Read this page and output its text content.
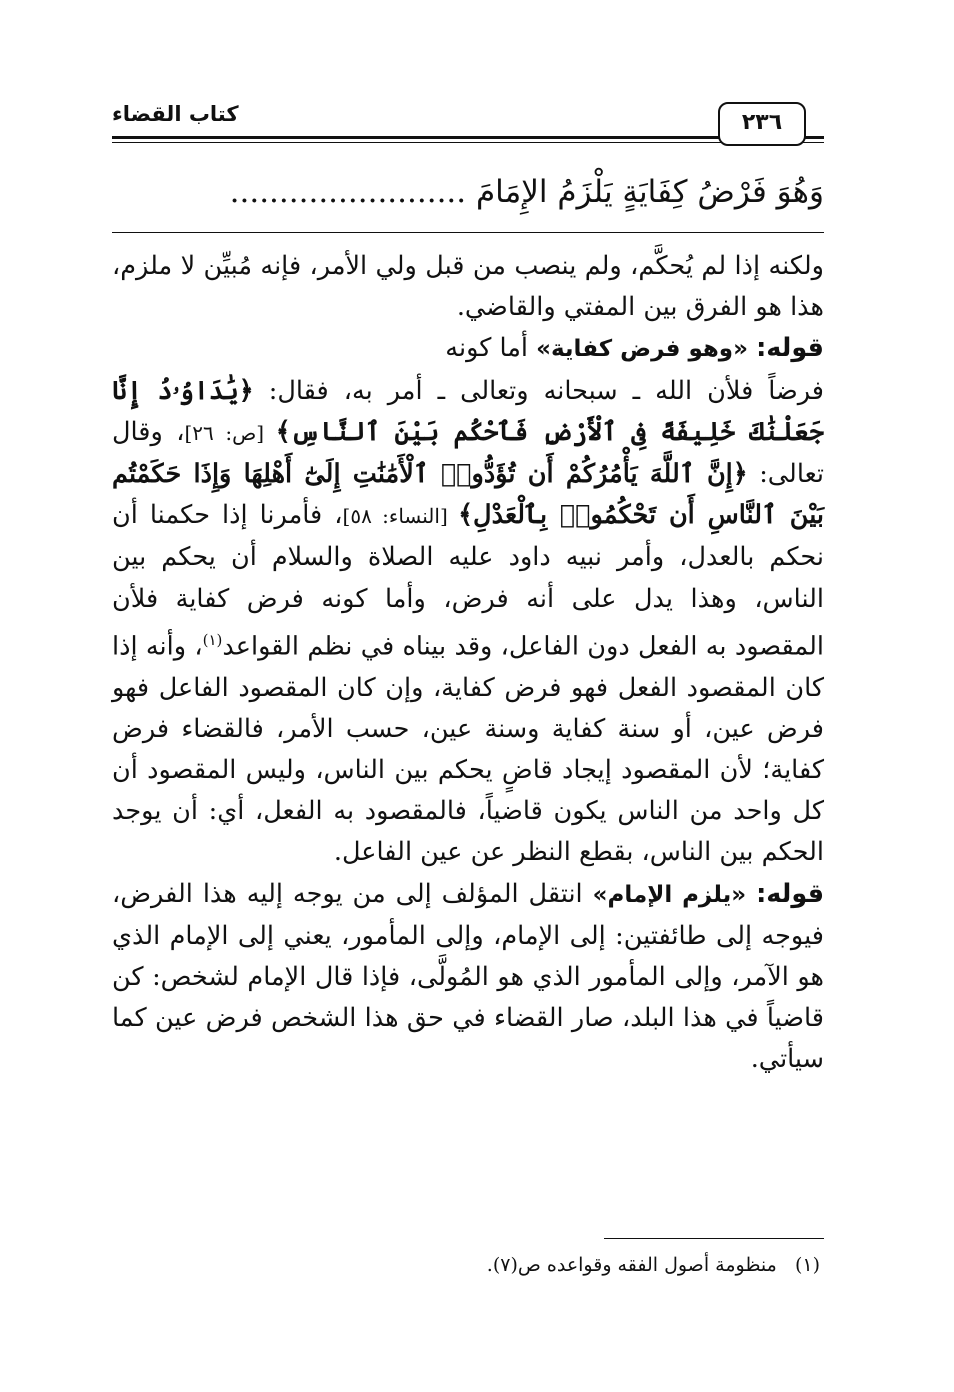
كتاب القضاء	٢٣٦
وَهُوَ فَرْضُ كِفَايَةٍ يَلْزَمُ الإِمَامَ ........................

ولكنه إذا لم يُحكَّم، ولم ينصب من قبل ولي الأمر، فإنه مُبيِّن لا ملزم، هذا هو الفرق بين المفتي والقاضي.

قوله: «وهو فرض كفاية» أما كونه

فرضاً فلأن الله ـ سبحانه وتعالى ـ أمر به، فقال: ﴿يَٰدَاوُۥدُ إِنَّا جَعَلْنَٰكَ خَلِيفَةً فِى ٱلْأَرْضِ فَٱحْكُم بَيْنَ ٱلنَّاسِ﴾ [ص: ٢٦]، وقال تعالى: ﴿إِنَّ ٱللَّهَ يَأْمُرُكُمْ أَن تُؤَدُّوا۟ ٱلْأَمَٰنَٰتِ إِلَىٰٓ أَهْلِهَا وَإِذَا حَكَمْتُم بَيْنَ ٱلنَّاسِ أَن تَحْكُمُوا۟ بِٱلْعَدْلِ﴾ [النساء: ٥٨]، فأمرنا إذا حكمنا أن نحكم بالعدل، وأمر نبيه داود عليه الصلاة والسلام أن يحكم بين الناس، وهذا يدل على أنه فرض، وأما كونه فرض كفاية فلأن المقصود به الفعل دون الفاعل، وقد بيناه في نظم القواعد$^{(١)}$، وأنه إذا كان المقصود الفعل فهو فرض كفاية، وإن كان المقصود الفاعل فهو فرض عين، أو سنة كفاية وسنة عين، حسب الأمر، فالقضاء فرض كفاية؛ لأن المقصود إيجاد قاضٍ يحكم بين الناس، وليس المقصود أن كل واحد من الناس يكون قاضياً، فالمقصود به الفعل، أي: أن يوجد الحكم بين الناس، بقطع النظر عن عين الفاعل.

قوله: «يلزم الإمام» انتقل المؤلف إلى من يوجه إليه هذا الفرض، فيوجه إلى طائفتين: إلى الإمام، وإلى المأمور، يعني إلى الإمام الذي هو الآمر، وإلى المأمور الذي هو المُولَّى، فإذا قال الإمام لشخص: كن قاضياً في هذا البلد، صار القضاء في حق هذا الشخص فرض عين كما سيأتي.

(١)   منظومة أصول الفقه وقواعده ص(٧).
